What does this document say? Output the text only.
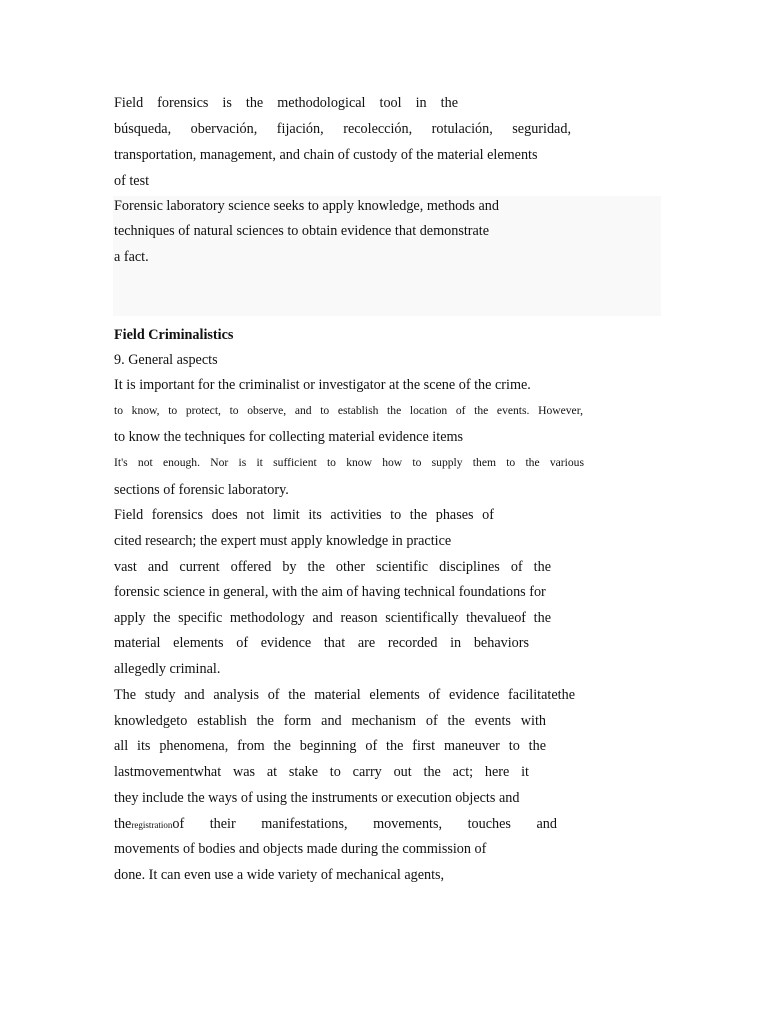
Field forensics is the methodological tool in the

búsqueda, obervación, fijación, recolección, rotulación, seguridad,

transportation, management, and chain of custody of the material elements

of test

Forensic laboratory science seeks to apply knowledge, methods and

techniques of natural sciences to obtain evidence that demonstrate

a fact.

Field Criminalistics

9. General aspects

It is important for the criminalist or investigator at the scene of the crime.

to know, to protect, to observe, and to establish the location of the events. However,

to know the techniques for collecting material evidence items

It's not enough. Nor is it sufficient to know how to supply them to the various

sections of forensic laboratory.

Field forensics does not limit its activities to the phases of

cited research; the expert must apply knowledge in practice

vast and current offered by the other scientific disciplines of the

forensic science in general, with the aim of having technical foundations for

apply the specific methodology and reason scientifically thevalueof the

material elements of evidence that are recorded in behaviors

allegedly criminal.

The study and analysis of the material elements of evidence facilitatethe

knowledgeto establish the form and mechanism of the events with

all its phenomena, from the beginning of the first maneuver to the

lastmovementwhat was at stake to carry out the act; here it

they include the ways of using the instruments or execution objects and

theregistrationof their manifestations, movements, touches and

movements of bodies and objects made during the commission of

done. It can even use a wide variety of mechanical agents,
